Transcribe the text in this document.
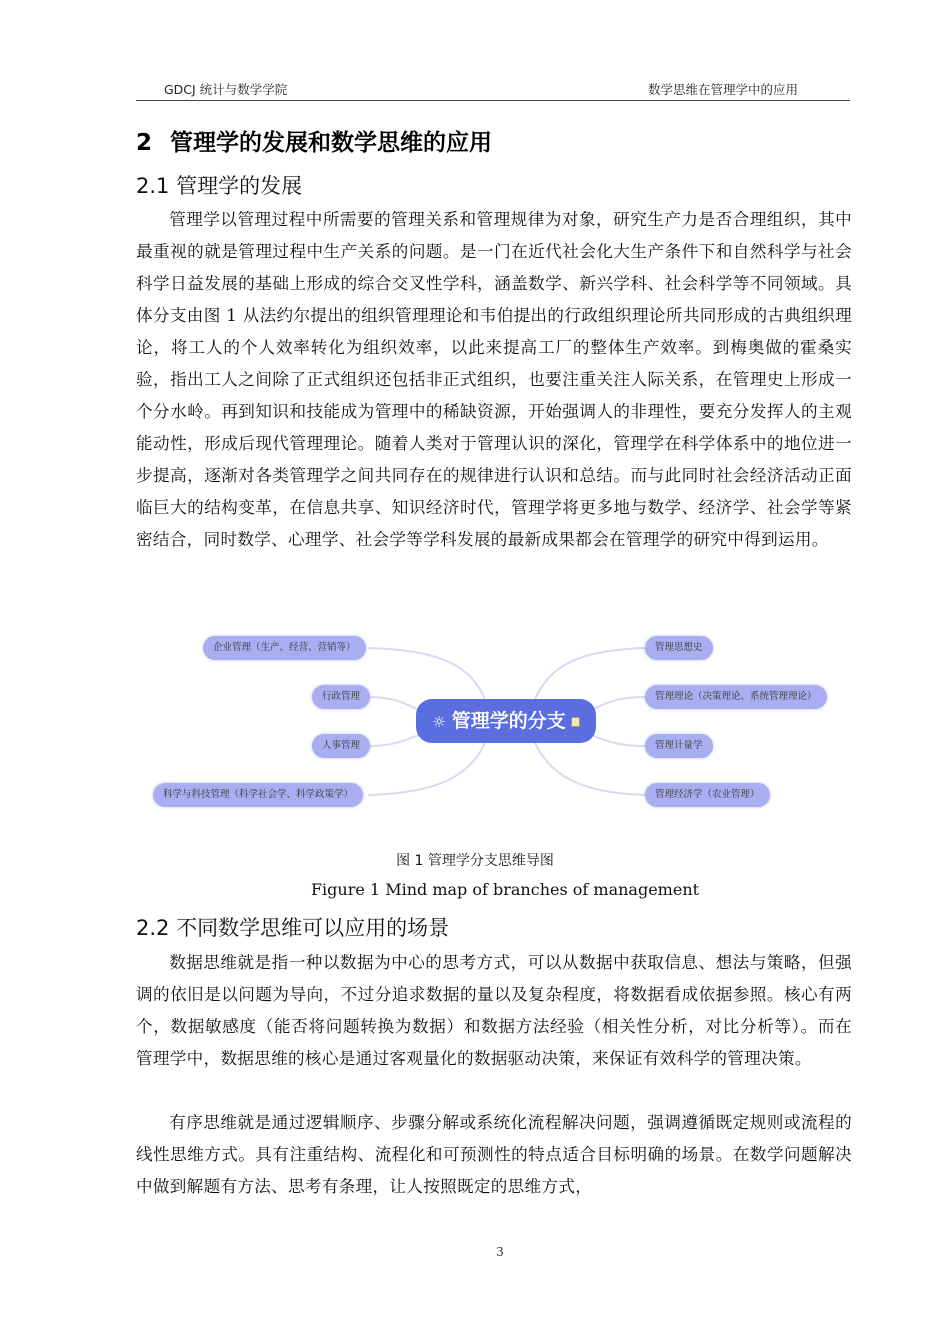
GDCJ 统计与数学学院	数学思维在管理学中的应用
2 管理学的发展和数学思维的应用
2.1 管理学的发展
管理学以管理过程中所需要的管理关系和管理规律为对象，研究生产力是否合理组织，其中最重视的就是管理过程中生产关系的问题。是一门在近代社会化大生产条件下和自然科学与社会科学日益发展的基础上形成的综合交叉性学科，涵盖数学、新兴学科、社会科学等不同领域。具体分支由图 1 从法约尔提出的组织管理理论和韦伯提出的行政组织理论所共同形成的古典组织理论，将工人的个人效率转化为组织效率，以此来提高工厂的整体生产效率。到梅奥做的霍桑实验，指出工人之间除了正式组织还包括非正式组织，也要注重关注人际关系，在管理史上形成一个分水岭。再到知识和技能成为管理中的稀缺资源，开始强调人的非理性，要充分发挥人的主观能动性，形成后现代管理理论。随着人类对于管理认识的深化，管理学在科学体系中的地位进一步提高，逐渐对各类管理学之间共同存在的规律进行认识和总结。而与此同时社会经济活动正面临巨大的结构变革，在信息共享、知识经济时代，管理学将更多地与数学、经济学、社会学等紧密结合，同时数学、心理学、社会学等学科发展的最新成果都会在管理学的研究中得到运用。
企业管理（生产、经营、营销等）
行政管理
人事管理
科学与科技管理（科学社会学、科学政策学）
☼ 管理学的分支
管理思想史
管理理论（决策理论、系统管理理论）
管理计量学
管理经济学（农业管理）
图 1 管理学分支思维导图
Figure 1 Mind map of branches of management
2.2 不同数学思维可以应用的场景
数据思维就是指一种以数据为中心的思考方式，可以从数据中获取信息、想法与策略，但强调的依旧是以问题为导向，不过分追求数据的量以及复杂程度，将数据看成依据参照。核心有两个，数据敏感度（能否将问题转换为数据）和数据方法经验（相关性分析，对比分析等）。而在管理学中，数据思维的核心是通过客观量化的数据驱动决策，来保证有效科学的管理决策。
有序思维就是通过逻辑顺序、步骤分解或系统化流程解决问题，强调遵循既定规则或流程的线性思维方式。具有注重结构、流程化和可预测性的特点适合目标明确的场景。在数学问题解决中做到解题有方法、思考有条理，让人按照既定的思维方式，
3
